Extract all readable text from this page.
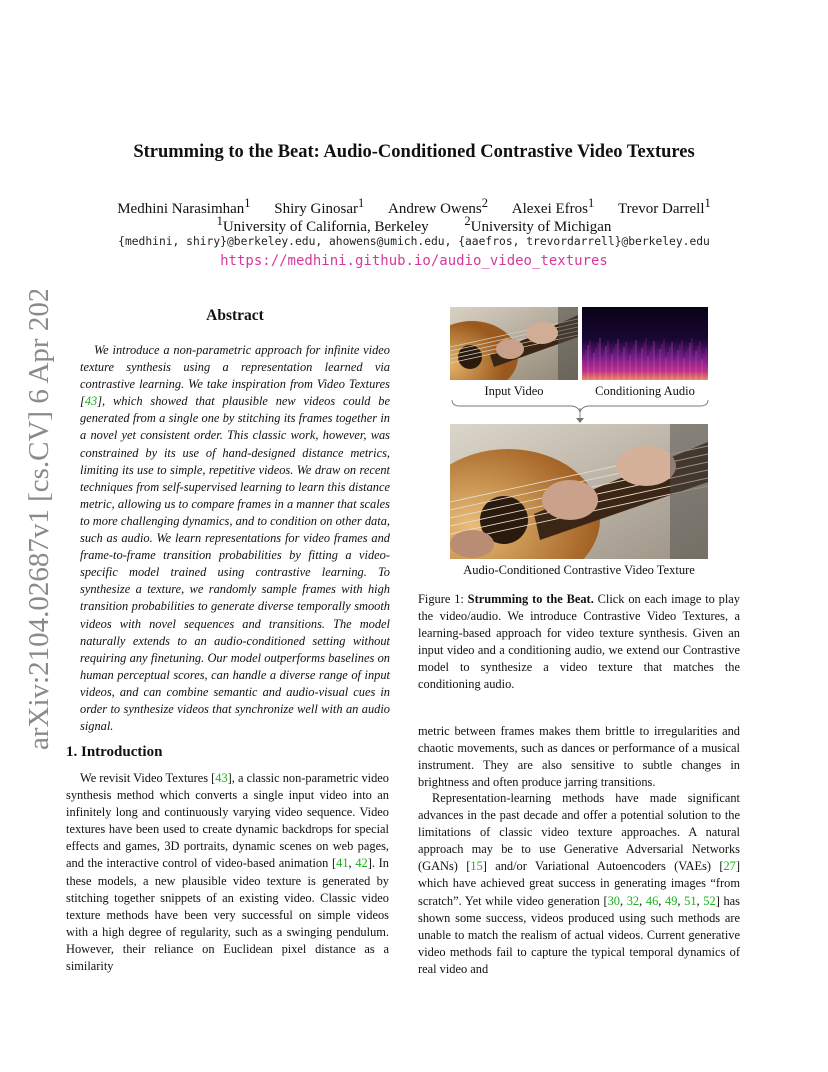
Strumming to the Beat: Audio-Conditioned Contrastive Video Textures
Medhini Narasimhan$^1$ Shiry Ginosar$^1$ Andrew Owens$^2$ Alexei Efros$^1$ Trevor Darrell$^1$
$^1$University of California, Berkeley	$^2$University of Michigan
{medhini, shiry}@berkeley.edu, ahowens@umich.edu, {aaefros, trevordarrell}@berkeley.edu
https://medhini.github.io/audio_video_textures
arXiv:2104.02687v1 [cs.CV] 6 Apr 2021	Abstract
We introduce a non-parametric approach for infinite video texture synthesis using a representation learned via contrastive learning. We take inspiration from Video Textures [43], which showed that plausible new videos could be generated from a single one by stitching its frames together in a novel yet consistent order. This classic work, however, was constrained by its use of hand-designed distance metrics, limiting its use to simple, repetitive videos. We draw on recent techniques from self-supervised learning to learn this distance metric, allowing us to compare frames in a manner that scales to more challenging dynamics, and to condition on other data, such as audio. We learn representations for video frames and frame-to-frame transition probabilities by fitting a video-specific model trained using contrastive learning. To synthesize a texture, we randomly sample frames with high transition probabilities to generate diverse temporally smooth videos with novel sequences and transitions. The model naturally extends to an audio-conditioned setting without requiring any finetuning. Our model outperforms baselines on human perceptual scores, can handle a diverse range of input videos, and can combine semantic and audio-visual cues in order to synthesize videos that synchronize well with an audio signal.
Input Video	Conditioning Audio
Audio-Conditioned Contrastive Video Texture
Figure 1: Strumming to the Beat. Click on each image to play the video/audio. We introduce Contrastive Video Textures, a learning-based approach for video texture synthesis. Given an input video and a conditioning audio, we extend our Contrastive model to synthesize a video texture that matches the conditioning audio.
1. Introduction
We revisit Video Textures [43], a classic non-parametric video synthesis method which converts a single input video into an infinitely long and continuously varying video sequence. Video textures have been used to create dynamic backdrops for special effects and games, 3D portraits, dynamic scenes on web pages, and the interactive control of video-based animation [41, 42]. In these models, a new plausible video texture is generated by stitching together snippets of an existing video. Classic video texture methods have been very successful on simple videos with a high degree of regularity, such as a swinging pendulum. However, their reliance on Euclidean pixel distance as a similarity
metric between frames makes them brittle to irregularities and chaotic movements, such as dances or performance of a musical instrument. They are also sensitive to subtle changes in brightness and often produce jarring transitions.
Representation-learning methods have made significant advances in the past decade and offer a potential solution to the limitations of classic video texture approaches. A natural approach may be to use Generative Adversarial Networks (GANs) [15] and/or Variational Autoencoders (VAEs) [27] which have achieved great success in generating images “from scratch”. Yet while video generation [30, 32, 46, 49, 51, 52] has shown some success, videos produced using such methods are unable to match the realism of actual videos. Current generative video methods fail to capture the typical temporal dynamics of real video and
